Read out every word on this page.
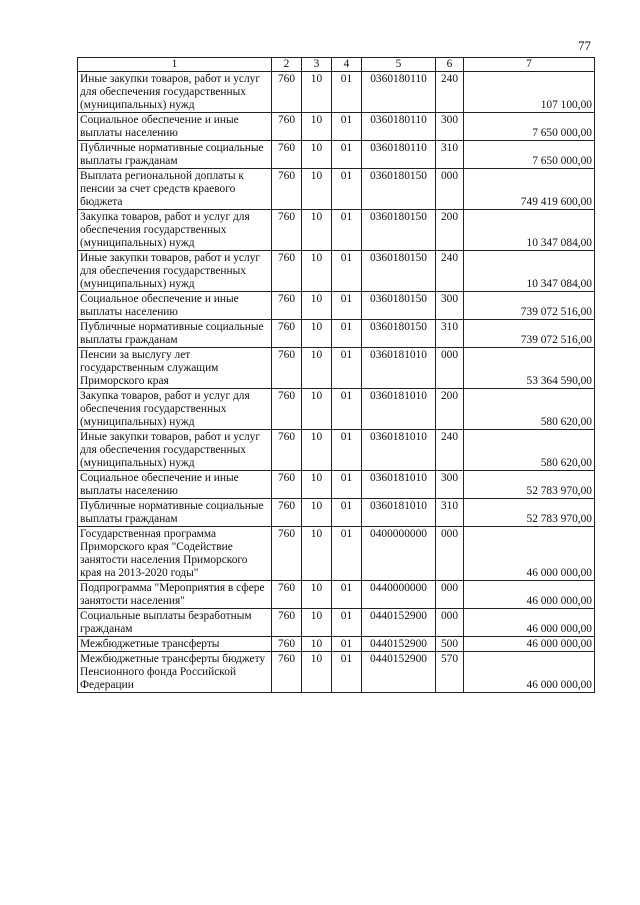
77
1	2	3	4	5	6	7
Иные закупки товаров, работ и услуг для обеспечения государственных (муниципальных) нужд	760	10	01	0360180110	240	107 100,00
Социальное обеспечение и иные выплаты населению	760	10	01	0360180110	300	7 650 000,00
Публичные нормативные социальные выплаты гражданам	760	10	01	0360180110	310	7 650 000,00
Выплата региональной доплаты к пенсии за счет средств краевого бюджета	760	10	01	0360180150	000	749 419 600,00
Закупка товаров, работ и услуг для обеспечения государственных (муниципальных) нужд	760	10	01	0360180150	200	10 347 084,00
Иные закупки товаров, работ и услуг для обеспечения государственных (муниципальных) нужд	760	10	01	0360180150	240	10 347 084,00
Социальное обеспечение и иные выплаты населению	760	10	01	0360180150	300	739 072 516,00
Публичные нормативные социальные выплаты гражданам	760	10	01	0360180150	310	739 072 516,00
Пенсии за выслугу лет государственным служащим Приморского края	760	10	01	0360181010	000	53 364 590,00
Закупка товаров, работ и услуг для обеспечения государственных (муниципальных) нужд	760	10	01	0360181010	200	580 620,00
Иные закупки товаров, работ и услуг для обеспечения государственных (муниципальных) нужд	760	10	01	0360181010	240	580 620,00
Социальное обеспечение и иные выплаты населению	760	10	01	0360181010	300	52 783 970,00
Публичные нормативные социальные выплаты гражданам	760	10	01	0360181010	310	52 783 970,00
Государственная программа Приморского края "Содействие занятости населения Приморского края на 2013-2020 годы"	760	10	01	0400000000	000	46 000 000,00
Подпрограмма "Мероприятия в сфере занятости населения"	760	10	01	0440000000	000	46 000 000,00
Социальные выплаты безработным гражданам	760	10	01	0440152900	000	46 000 000,00
Межбюджетные трансферты	760	10	01	0440152900	500	46 000 000,00
Межбюджетные трансферты бюджету Пенсионного фонда Российской Федерации	760	10	01	0440152900	570	46 000 000,00
